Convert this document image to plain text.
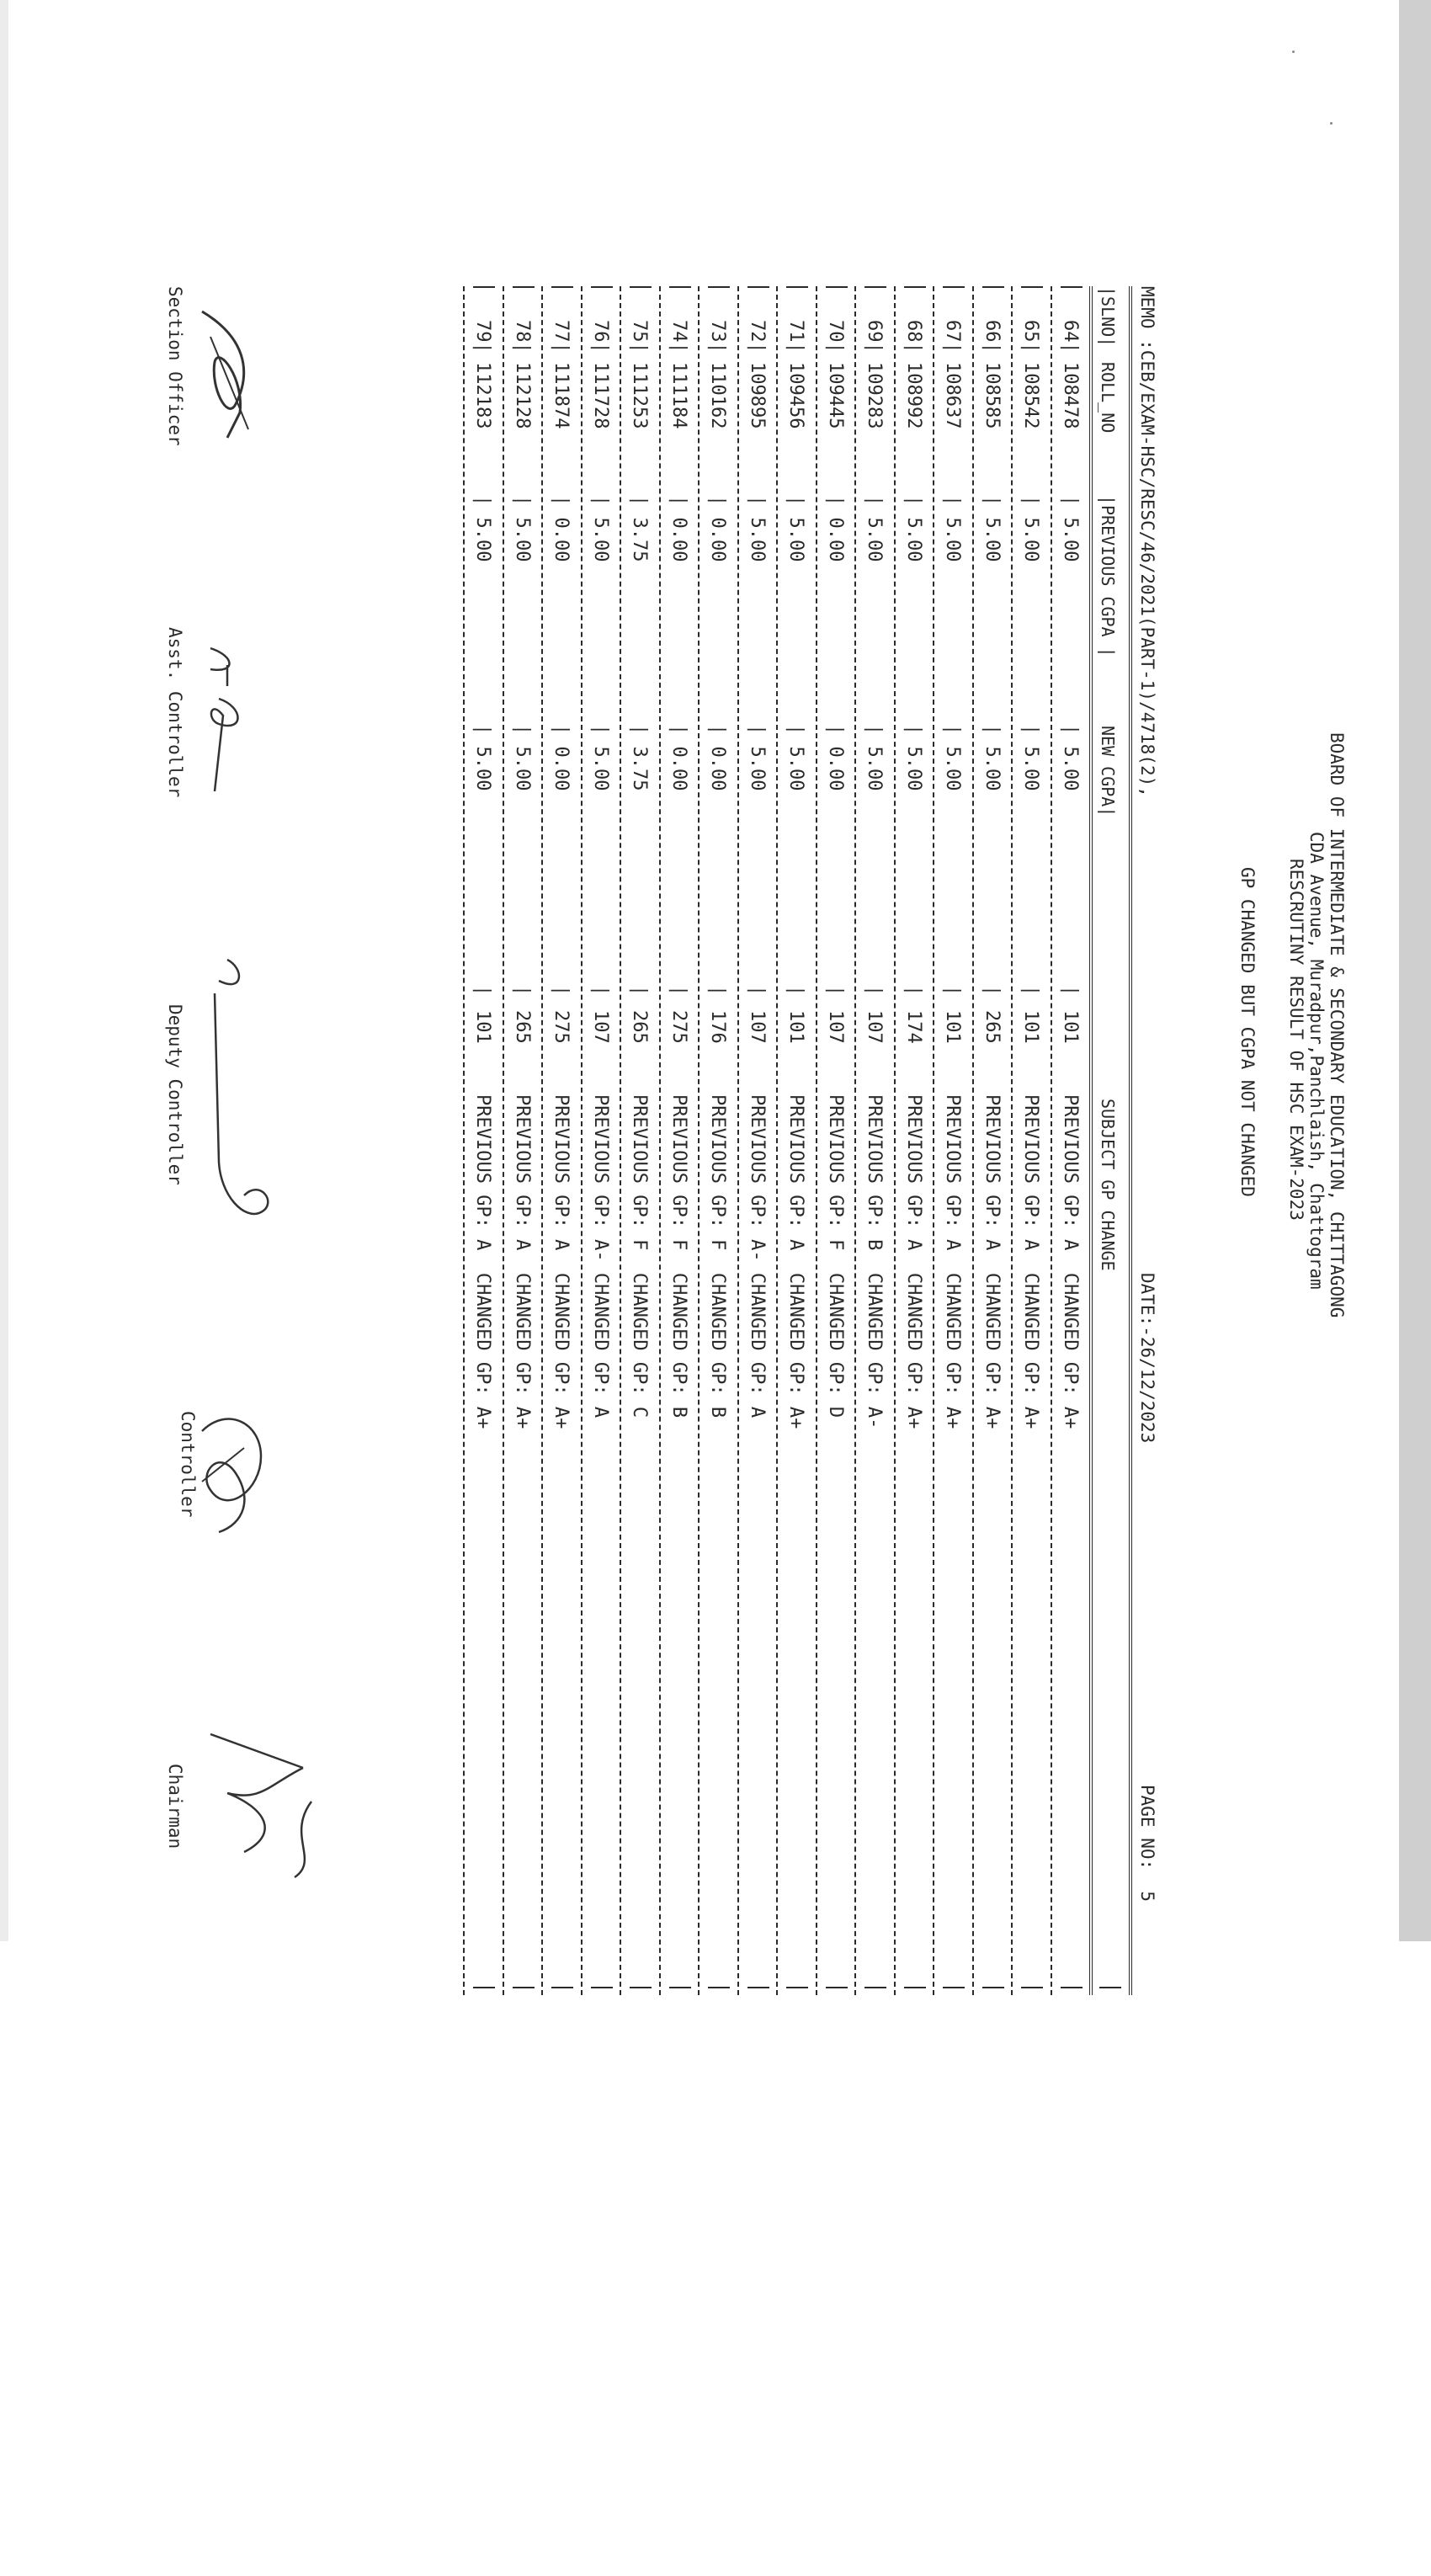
BOARD OF INTERMEDIATE & SECONDARY EDUCATION, CHITTAGONG
CDA Avenue, Muradpur,Panchlaish, Chattogram
RESCRUTINY RESULT OF HSC EXAM-2023
GP CHANGED BUT CGPA NOT CHANGED

MEMO :CEB/EXAM-HSC/RESC/46/2021(PART-1)/4718(2),

DATE:-26/12/2023

PAGE NO:  5

|SLNO|

ROLL_NO

|PREVIOUS CGPA |

NEW CGPA|

SUBJECT GP CHANGE

64|
108478
| 5.00
| 5.00
|
101
PREVIOUS GP: A  CHANGED GP: A+
65|
108542
| 5.00
| 5.00
|
101
PREVIOUS GP: A  CHANGED GP: A+
66|
108585
| 5.00
| 5.00
|
265
PREVIOUS GP: A  CHANGED GP: A+
67|
108637
| 5.00
| 5.00
|
101
PREVIOUS GP: A  CHANGED GP: A+
68|
108992
| 5.00
| 5.00
|
174
PREVIOUS GP: A  CHANGED GP: A+
69|
109283
| 5.00
| 5.00
|
107
PREVIOUS GP: B  CHANGED GP: A-
70|
109445
| 0.00
| 0.00
|
107
PREVIOUS GP: F  CHANGED GP: D
71|
109456
| 5.00
| 5.00
|
101
PREVIOUS GP: A  CHANGED GP: A+
72|
109895
| 5.00
| 5.00
|
107
PREVIOUS GP: A- CHANGED GP: A
73|
110162
| 0.00
| 0.00
|
176
PREVIOUS GP: F  CHANGED GP: B
74|
111184
| 0.00
| 0.00
|
275
PREVIOUS GP: F  CHANGED GP: B
75|
111253
| 3.75
| 3.75
|
265
PREVIOUS GP: F  CHANGED GP: C
76|
111728
| 5.00
| 5.00
|
107
PREVIOUS GP: A- CHANGED GP: A
77|
111874
| 0.00
| 0.00
|
275
PREVIOUS GP: A  CHANGED GP: A+
78|
112128
| 5.00
| 5.00
|
265
PREVIOUS GP: A  CHANGED GP: A+
79|
112183
| 5.00
| 5.00
|
101
PREVIOUS GP: A  CHANGED GP: A+
Section Officer
Asst. Controller
Deputy Controller
Controller
Chairman
